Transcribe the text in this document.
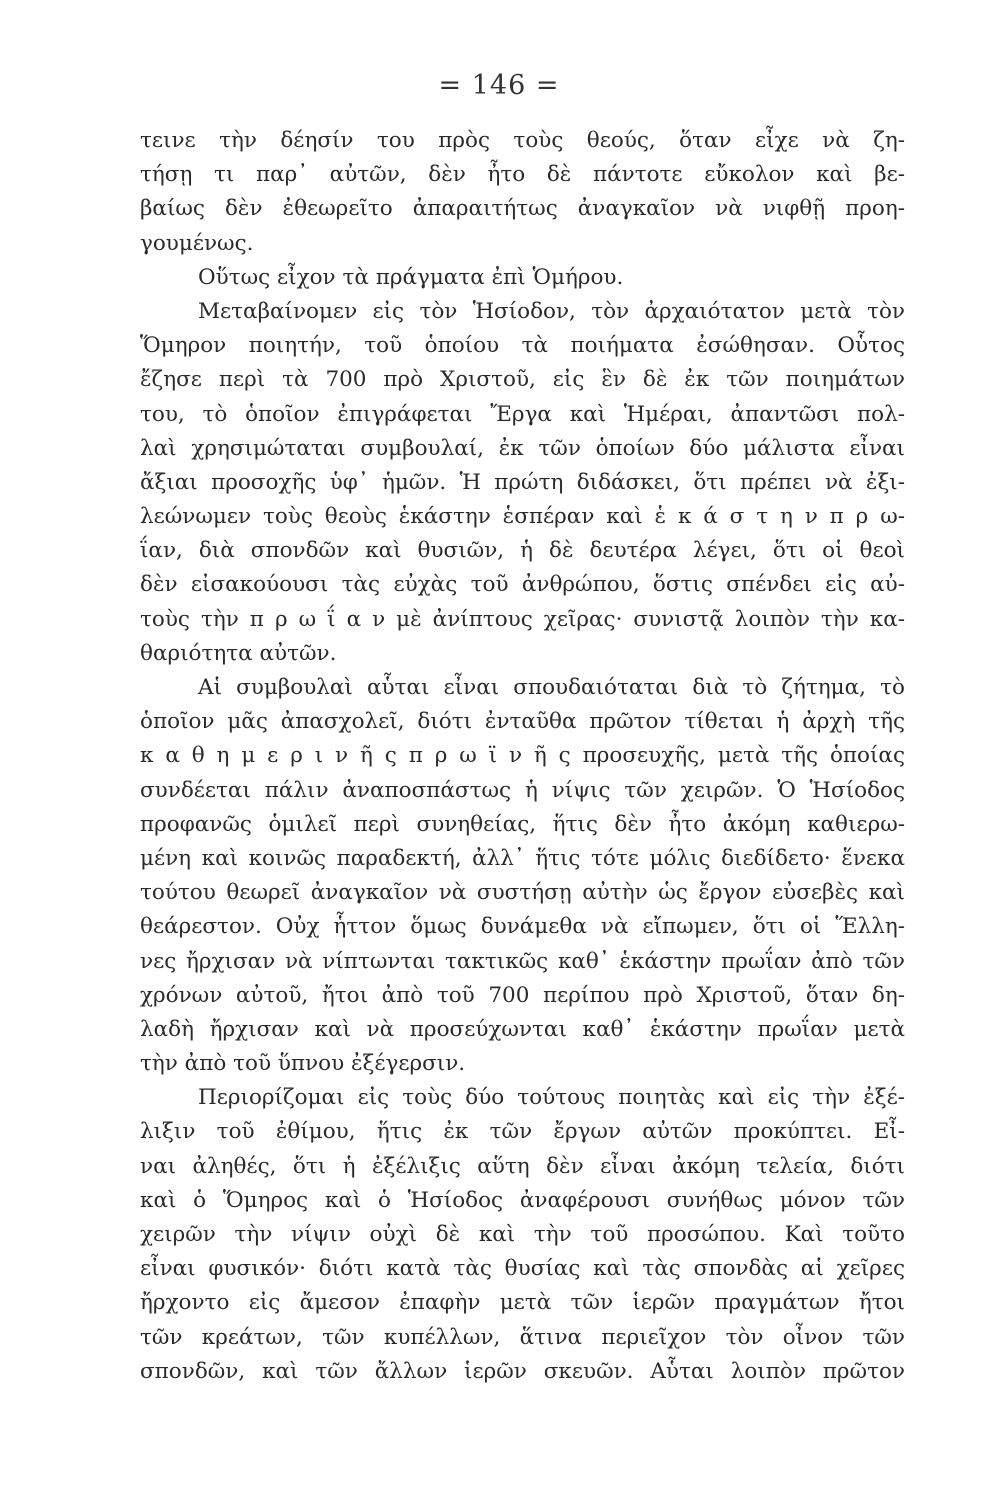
= 146 =
τεινε τὴν δέησίν του πρὸς τοὺς θεούς, ὅταν εἶχε νὰ ζη-
τήσῃ τι παρ᾽ αὐτῶν, δὲν ἦτο δὲ πάντοτε εὔκολον καὶ βε-
βαίως δὲν ἐθεωρεῖτο ἀπαραιτήτως ἀναγκαῖον νὰ νιφθῇ προη-
γουμένως.
Οὕτως εἶχον τὰ πράγματα ἐπὶ Ὁμήρου.
Μεταβαίνομεν εἰς τὸν Ἡσίοδον, τὸν ἀρχαιότατον μετὰ τὸν
Ὅμηρον ποιητήν, τοῦ ὁποίου τὰ ποιήματα ἐσώθησαν. Οὗτος
ἔζησε περὶ τὰ 700 πρὸ Χριστοῦ, εἰς ἓν δὲ ἐκ τῶν ποιημάτων
του, τὸ ὁποῖον ἐπιγράφεται Ἔργα καὶ Ἡμέραι, ἀπαντῶσι πολ-
λαὶ χρησιμώταται συμβουλαί, ἐκ τῶν ὁποίων δύο μάλιστα εἶναι
ἄξιαι προσοχῆς ὑφ᾽ ἡμῶν. Ἡ πρώτη διδάσκει, ὅτι πρέπει νὰ ἐξι-
λεώνωμεν τοὺς θεοὺς ἑκάστην ἑσπέραν καὶ ἑ κ ά σ τ η ν π ρ ω-
ΐαν, διὰ σπονδῶν καὶ θυσιῶν, ἡ δὲ δευτέρα λέγει, ὅτι οἱ θεοὶ
δὲν εἰσακούουσι τὰς εὐχὰς τοῦ ἀνθρώπου, ὅστις σπένδει εἰς αὐ-
τοὺς τὴν π ρ ω ΐ α ν μὲ ἀνίπτους χεῖρας· συνιστᾷ λοιπὸν τὴν κα-
θαριότητα αὐτῶν.
Αἱ συμβουλαὶ αὗται εἶναι σπουδαιόταται διὰ τὸ ζήτημα, τὸ
ὁποῖον μᾶς ἀπασχολεῖ, διότι ἐνταῦθα πρῶτον τίθεται ἡ ἀρχὴ τῆς
κ α θ η μ ε ρ ι ν ῆ ς π ρ ω ϊ ν ῆ ς προσευχῆς, μετὰ τῆς ὁποίας
συνδέεται πάλιν ἀναποσπάστως ἡ νίψις τῶν χειρῶν. Ὁ Ἡσίοδος
προφανῶς ὁμιλεῖ περὶ συνηθείας, ἥτις δὲν ἦτο ἀκόμη καθιερω-
μένη καὶ κοινῶς παραδεκτή, ἀλλ᾽ ἥτις τότε μόλις διεδίδετο· ἕνεκα
τούτου θεωρεῖ ἀναγκαῖον νὰ συστήσῃ αὐτὴν ὡς ἔργον εὐσεβὲς καὶ
θεάρεστον. Οὐχ ἧττον ὅμως δυνάμεθα νὰ εἴπωμεν, ὅτι οἱ Ἕλλη-
νες ἤρχισαν νὰ νίπτωνται τακτικῶς καθ᾽ ἑκάστην πρωΐαν ἀπὸ τῶν
χρόνων αὐτοῦ, ἤτοι ἀπὸ τοῦ 700 περίπου πρὸ Χριστοῦ, ὅταν δη-
λαδὴ ἤρχισαν καὶ νὰ προσεύχωνται καθ᾽ ἑκάστην πρωΐαν μετὰ
τὴν ἀπὸ τοῦ ὕπνου ἐξέγερσιν.
Περιορίζομαι εἰς τοὺς δύο τούτους ποιητὰς καὶ εἰς τὴν ἐξέ-
λιξιν τοῦ ἐθίμου, ἥτις ἐκ τῶν ἔργων αὐτῶν προκύπτει. Εἶ-
ναι ἀληθές, ὅτι ἡ ἐξέλιξις αὕτη δὲν εἶναι ἀκόμη τελεία, διότι
καὶ ὁ Ὅμηρος καὶ ὁ Ἡσίοδος ἀναφέρουσι συνήθως μόνον τῶν
χειρῶν τὴν νίψιν οὐχὶ δὲ καὶ τὴν τοῦ προσώπου. Καὶ τοῦτο
εἶναι φυσικόν· διότι κατὰ τὰς θυσίας καὶ τὰς σπονδὰς αἱ χεῖρες
ἤρχοντο εἰς ἄμεσον ἐπαφὴν μετὰ τῶν ἱερῶν πραγμάτων ἤτοι
τῶν κρεάτων, τῶν κυπέλλων, ἅτινα περιεῖχον τὸν οἶνον τῶν
σπονδῶν, καὶ τῶν ἄλλων ἱερῶν σκευῶν. Αὗται λοιπὸν πρῶτον
